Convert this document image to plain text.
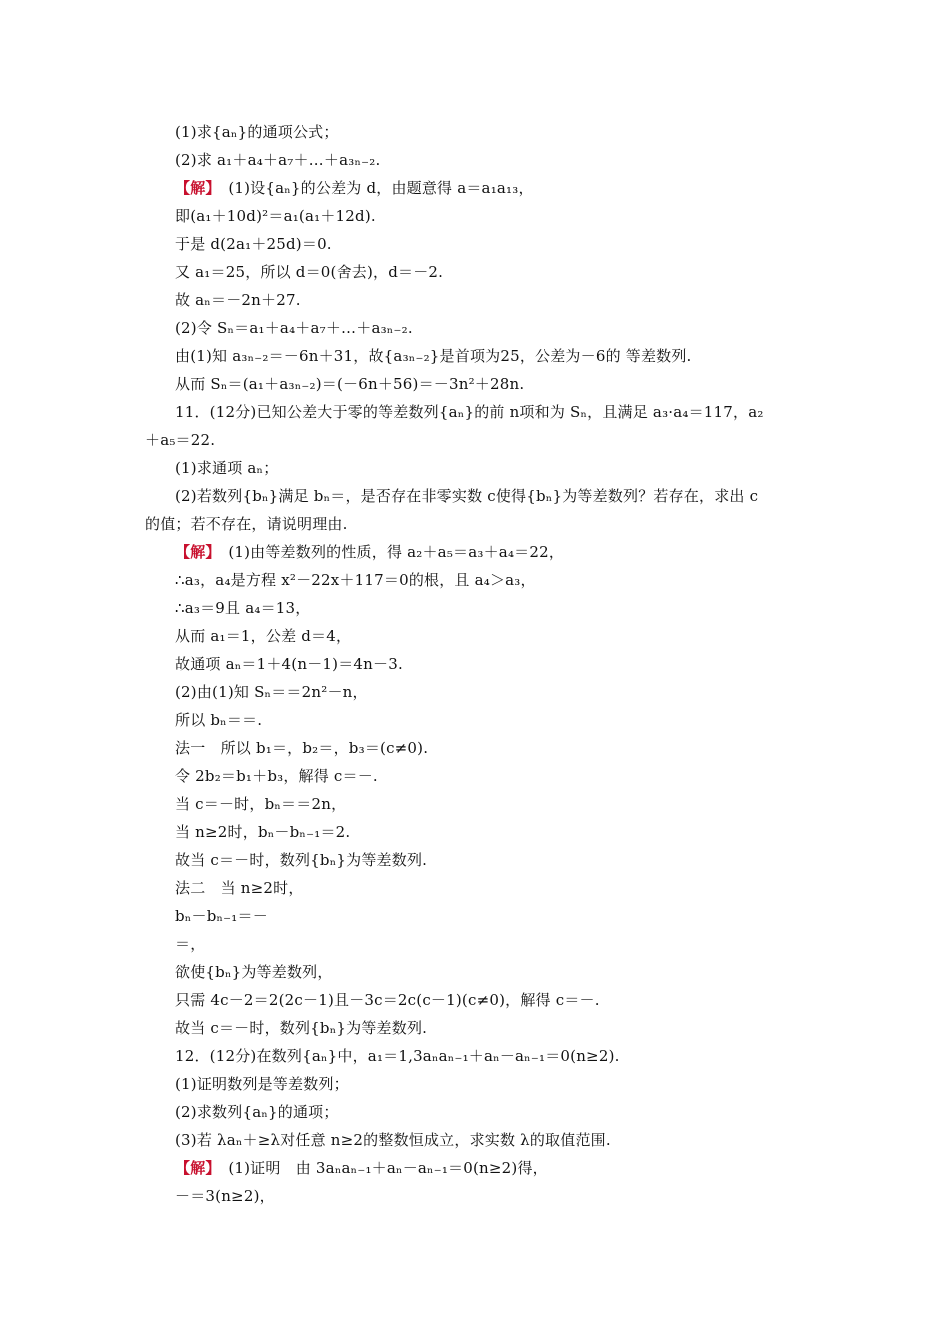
(1)求{aₙ}的通项公式；
(2)求 a₁＋a₄＋a₇＋…＋a₃ₙ₋₂.
【解】　 (1)设{aₙ}的公差为 d，由题意得 a＝a₁a₁₃，
即(a₁＋10d)²＝a₁(a₁＋12d).
于是 d(2a₁＋25d)＝0.
又 a₁＝25，所以 d＝0(舍去)，d＝－2.
故 aₙ＝－2n＋27.
(2)令 Sₙ＝a₁＋a₄＋a₇＋…＋a₃ₙ₋₂.
由(1)知 a₃ₙ₋₂＝－6n＋31，故{a₃ₙ₋₂}是首项为25，公差为－6的 等差数列.
从而 Sₙ＝(a₁＋a₃ₙ₋₂)＝(－6n＋56)＝－3n²＋28n.
11．(12分)已知公差大于零的等差数列{aₙ}的前 n项和为 Sₙ，且满足 a₃·a₄＝117，a₂
＋a₅＝22.
(1)求通项 aₙ；
(2)若数列{bₙ}满足 bₙ＝，是否存在非零实数 c使得{bₙ}为等差数列？若存在，求出 c
的值；若不存在，请说明理由.
【解】　 (1)由等差数列的性质，得 a₂＋a₅＝a₃＋a₄＝22，
∴a₃，a₄是方程 x²－22x＋117＝0的根，且 a₄＞a₃，
∴a₃＝9且 a₄＝13，
从而 a₁＝1，公差 d＝4，
故通项 aₙ＝1＋4(n－1)＝4n－3.
(2)由(1)知 Sₙ＝＝2n²－n，
所以 bₙ＝＝.
法一　所以 b₁＝，b₂＝，b₃＝(c≠0).
令 2b₂＝b₁＋b₃，解得 c＝－.
当 c＝－时，bₙ＝＝2n，
当 n≥2时，bₙ－bₙ₋₁＝2.
故当 c＝－时，数列{bₙ}为等差数列.
法二　当 n≥2时，
bₙ－bₙ₋₁＝－
＝，
欲使{bₙ}为等差数列，
只需 4c－2＝2(2c－1)且－3c＝2c(c－1)(c≠0)，解得 c＝－.
故当 c＝－时，数列{bₙ}为等差数列.
12．(12分)在数列{aₙ}中，a₁＝1,3aₙaₙ₋₁＋aₙ－aₙ₋₁＝0(n≥2).
(1)证明数列是等差数列；
(2)求数列{aₙ}的通项；
(3)若 λaₙ＋≥λ对任意 n≥2的整数恒成立，求实数 λ的取值范围.
【解】　 (1)证明　由 3aₙaₙ₋₁＋aₙ－aₙ₋₁＝0(n≥2)得，
－＝3(n≥2)，
